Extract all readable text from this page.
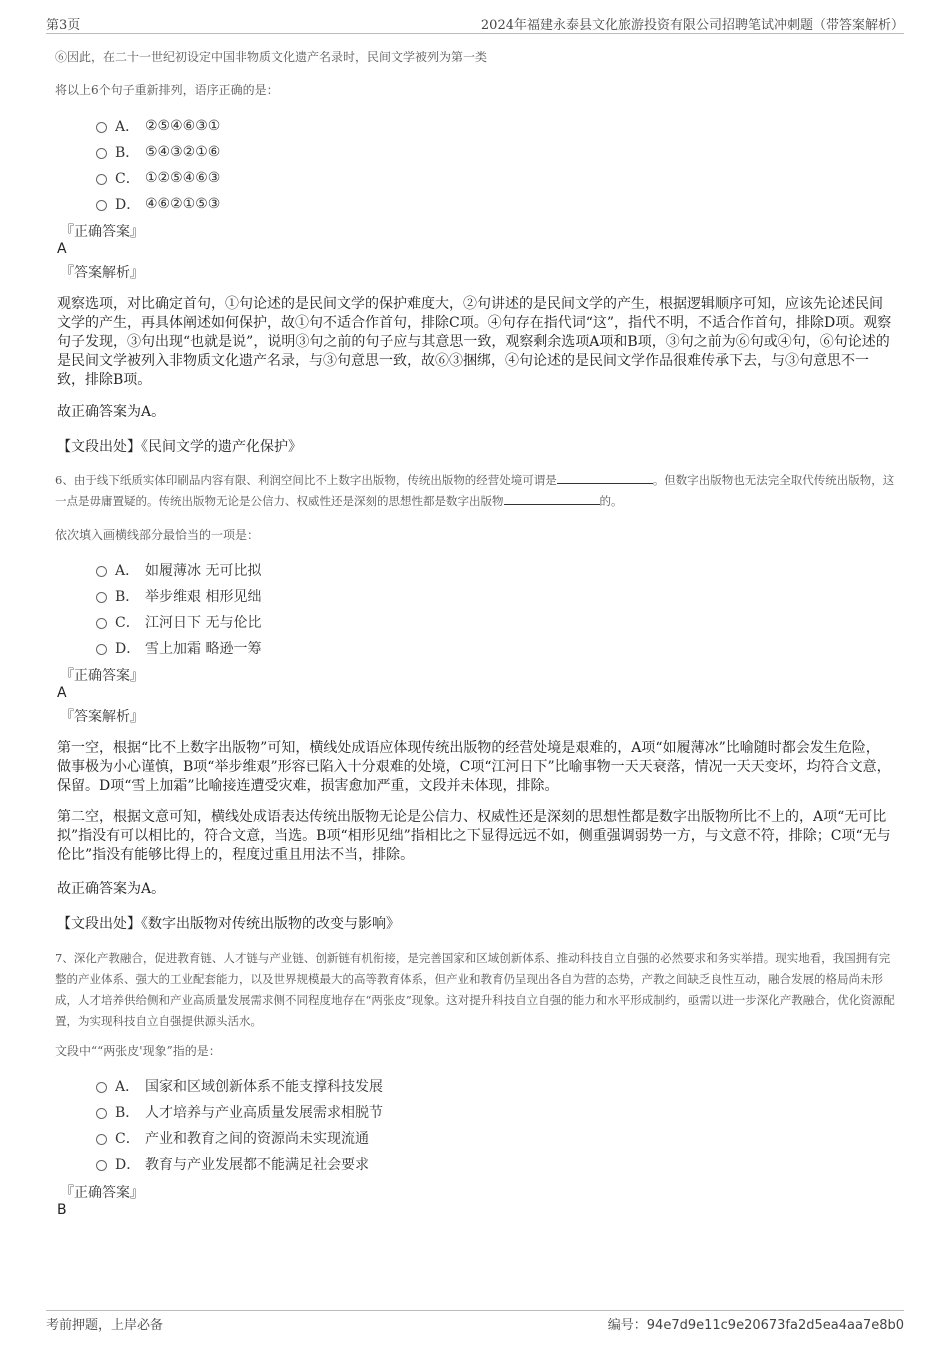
第3页	2024年福建永泰县文化旅游投资有限公司招聘笔试冲刺题（带答案解析）
⑥因此，在二十一世纪初设定中国非物质文化遗产名录时，民间文学被列为第一类
将以上6个句子重新排列，语序正确的是：
A． ②⑤④⑥③①
B． ⑤④③②①⑥
C． ①②⑤④⑥③
D． ④⑥②①⑤③
『正确答案』
A
『答案解析』
观察选项，对比确定首句，①句论述的是民间文学的保护难度大，②句讲述的是民间文学的产生，根据逻辑顺序可知，应该先论述民间文学的产生，再具体阐述如何保护，故①句不适合作首句，排除C项。④句存在指代词“这”，指代不明，不适合作首句，排除D项。观察句子发现，③句出现“也就是说”，说明③句之前的句子应与其意思一致，观察剩余选项A项和B项，③句之前为⑥句或④句，⑥句论述的是民间文学被列入非物质文化遗产名录，与③句意思一致，故⑥③捆绑，④句论述的是民间文学作品很难传承下去，与③句意思不一致，排除B项。
故正确答案为A。
【文段出处】《民间文学的遗产化保护》
6、由于线下纸质实体印刷品内容有限、利润空间比不上数字出版物，传统出版物的经营处境可谓是	。但数字出版物也无法完全取代传统出版物，这一点是毋庸置疑的。传统出版物无论是公信力、权威性还是深刻的思想性都是数字出版物	的。
依次填入画横线部分最恰当的一项是：
A． 如履薄冰 无可比拟
B． 举步维艰 相形见绌
C． 江河日下 无与伦比
D． 雪上加霜 略逊一筹
『正确答案』
A
『答案解析』
第一空，根据“比不上数字出版物”可知，横线处成语应体现传统出版物的经营处境是艰难的，A项“如履薄冰”比喻随时都会发生危险，做事极为小心谨慎，B项“举步维艰”形容已陷入十分艰难的处境，C项“江河日下”比喻事物一天天衰落，情况一天天变坏，均符合文意，保留。D项“雪上加霜”比喻接连遭受灾难，损害愈加严重，文段并未体现，排除。
第二空，根据文意可知，横线处成语表达传统出版物无论是公信力、权威性还是深刻的思想性都是数字出版物所比不上的，A项“无可比拟”指没有可以相比的，符合文意，当选。B项“相形见绌”指相比之下显得远远不如，侧重强调弱势一方，与文意不符，排除；C项“无与伦比”指没有能够比得上的，程度过重且用法不当，排除。
故正确答案为A。
【文段出处】《数字出版物对传统出版物的改变与影响》
7、深化产教融合，促进教育链、人才链与产业链、创新链有机衔接，是完善国家和区域创新体系、推动科技自立自强的必然要求和务实举措。现实地看，我国拥有完整的产业体系、强大的工业配套能力，以及世界规模最大的高等教育体系，但产业和教育仍呈现出各自为营的态势，产教之间缺乏良性互动，融合发展的格局尚未形成，人才培养供给侧和产业高质量发展需求侧不同程度地存在“两张皮”现象。这对提升科技自立自强的能力和水平形成制约，亟需以进一步深化产教融合，优化资源配置，为实现科技自立自强提供源头活水。
文段中““两张皮'现象”指的是：
A． 国家和区域创新体系不能支撑科技发展
B． 人才培养与产业高质量发展需求相脱节
C． 产业和教育之间的资源尚未实现流通
D． 教育与产业发展都不能满足社会要求
『正确答案』
B
考前押题，上岸必备	编号：94e7d9e11c9e20673fa2d5ea4aa7e8b0
